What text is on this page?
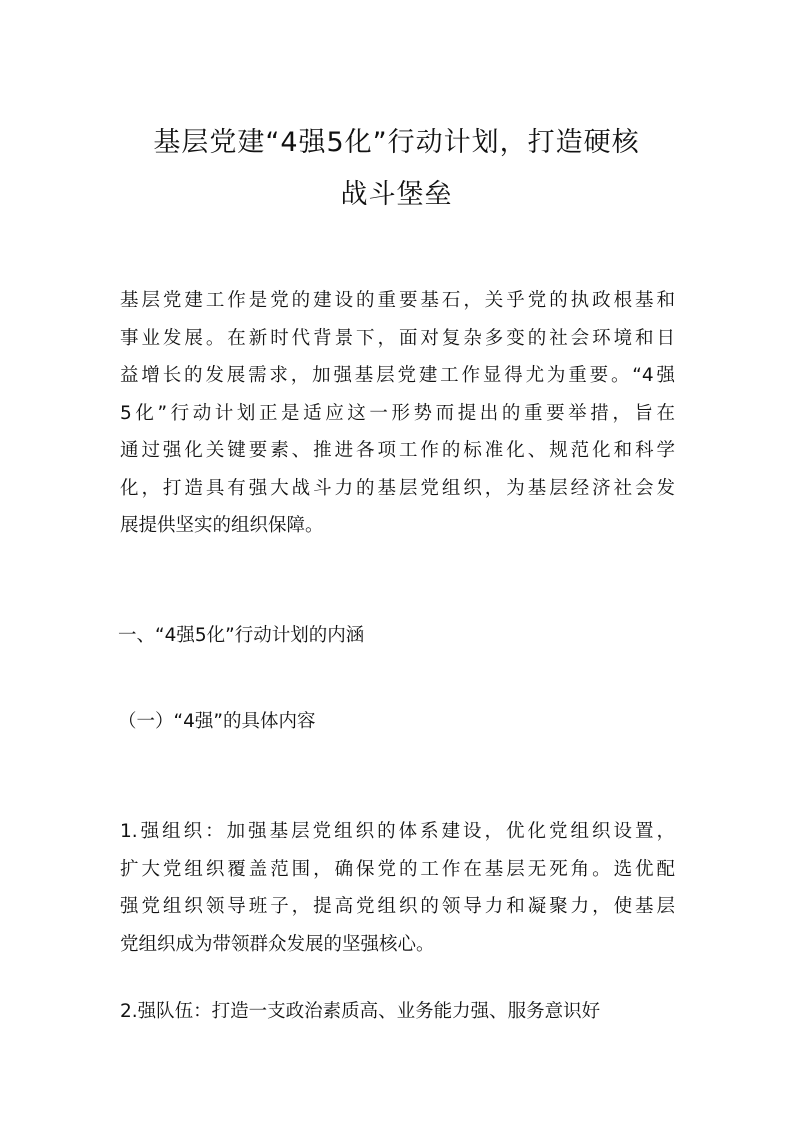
基层党建“4强5化”行动计划，打造硬核
战斗堡垒
基层党建工作是党的建设的重要基石，关乎党的执政根基和
事业发展。在新时代背景下，面对复杂多变的社会环境和日
益增长的发展需求，加强基层党建工作显得尤为重要。“4强
5化”行动计划正是适应这一形势而提出的重要举措，旨在
通过强化关键要素、推进各项工作的标准化、规范化和科学
化，打造具有强大战斗力的基层党组织，为基层经济社会发
展提供坚实的组织保障。
一、“4强5化”行动计划的内涵
（一）“4强”的具体内容
1.强组织：加强基层党组织的体系建设，优化党组织设置，
扩大党组织覆盖范围，确保党的工作在基层无死角。选优配
强党组织领导班子，提高党组织的领导力和凝聚力，使基层
党组织成为带领群众发展的坚强核心。
2.强队伍：打造一支政治素质高、业务能力强、服务意识好
